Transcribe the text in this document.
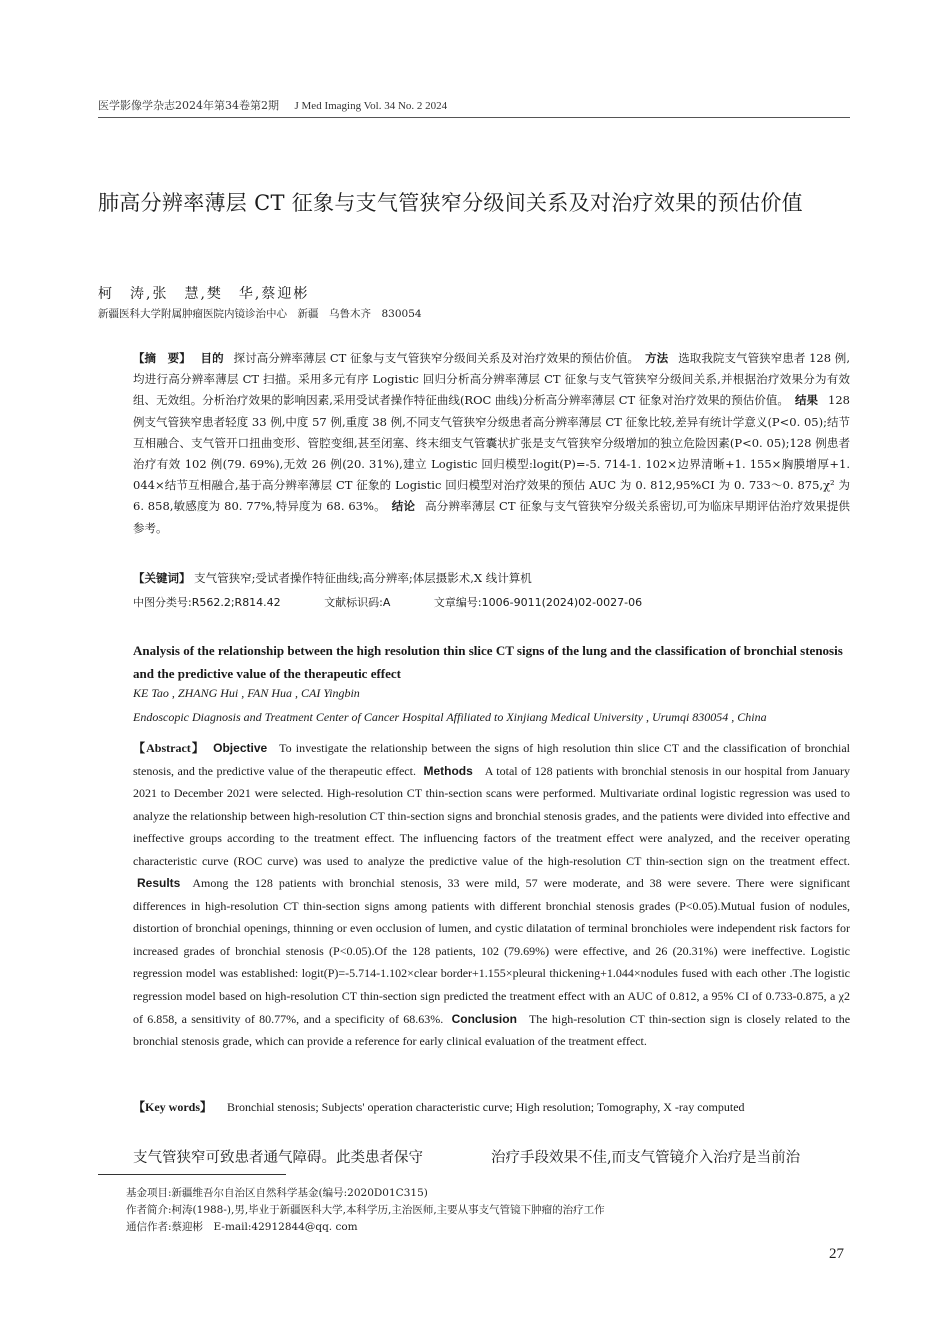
医学影像学杂志2024年第34卷第2期 J Med Imaging Vol. 34 No. 2 2024
肺高分辨率薄层 CT 征象与支气管狭窄分级间关系及对治疗效果的预估价值
柯　涛,张　慧,樊　华,蔡迎彬
新疆医科大学附属肿瘤医院内镜诊治中心　新疆　乌鲁木齐　830054
【摘　要】 目的 探讨高分辨率薄层 CT 征象与支气管狭窄分级间关系及对治疗效果的预估价值。 方法 选取我院支气管狭窄患者 128 例,均进行高分辨率薄层 CT 扫描。采用多元有序 Logistic 回归分析高分辨率薄层 CT 征象与支气管狭窄分级间关系,并根据治疗效果分为有效组、无效组。分析治疗效果的影响因素,采用受试者操作特征曲线(ROC 曲线)分析高分辨率薄层 CT 征象对治疗效果的预估价值。 结果 128 例支气管狭窄患者轻度 33 例,中度 57 例,重度 38 例,不同支气管狭窄分级患者高分辨率薄层 CT 征象比较,差异有统计学意义(P<0. 05);结节互相融合、支气管开口扭曲变形、管腔变细,甚至闭塞、终末细支气管囊状扩张是支气管狭窄分级增加的独立危险因素(P<0. 05);128 例患者治疗有效 102 例(79. 69%),无效 26 例(20. 31%),建立 Logistic 回归模型:logit(P)=-5. 714-1. 102×边界清晰+1. 155×胸膜增厚+1. 044×结节互相融合,基于高分辨率薄层 CT 征象的 Logistic 回归模型对治疗效果的预估 AUC 为 0. 812,95%CI 为 0. 733～0. 875,χ² 为 6. 858,敏感度为 80. 77%,特异度为 68. 63%。 结论 高分辨率薄层 CT 征象与支气管狭窄分级关系密切,可为临床早期评估治疗效果提供参考。
【关键词】 支气管狭窄;受试者操作特征曲线;高分辨率;体层摄影术,X 线计算机
中图分类号:R562.2;R814.42	文献标识码:A	文章编号:1006-9011(2024)02-0027-06
Analysis of the relationship between the high resolution thin slice CT signs of the lung and the classification of bronchial stenosis and the predictive value of the therapeutic effect
KE Tao , ZHANG Hui , FAN Hua , CAI Yingbin
Endoscopic Diagnosis and Treatment Center of Cancer Hospital Affiliated to Xinjiang Medical University , Urumqi 830054 , China
【Abstract】 Objective To investigate the relationship between the signs of high resolution thin slice CT and the classification of bronchial stenosis, and the predictive value of the therapeutic effect. Methods A total of 128 patients with bronchial stenosis in our hospital from January 2021 to December 2021 were selected. High-resolution CT thin-section scans were performed. Multivariate ordinal logistic regression was used to analyze the relationship between high-resolution CT thin-section signs and bronchial stenosis grades, and the patients were divided into effective and ineffective groups according to the treatment effect. The influencing factors of the treatment effect were analyzed, and the receiver operating characteristic curve (ROC curve) was used to analyze the predictive value of the high-resolution CT thin-section sign on the treatment effect. Results Among the 128 patients with bronchial stenosis, 33 were mild, 57 were moderate, and 38 were severe. There were significant differences in high-resolution CT thin-section signs among patients with different bronchial stenosis grades (P<0.05).Mutual fusion of nodules, distortion of bronchial openings, thinning or even occlusion of lumen, and cystic dilatation of terminal bronchioles were independent risk factors for increased grades of bronchial stenosis (P<0.05).Of the 128 patients, 102 (79.69%) were effective, and 26 (20.31%) were ineffective. Logistic regression model was established: logit(P)=-5.714-1.102×clear border+1.155×pleural thickening+1.044×nodules fused with each other .The logistic regression model based on high-resolution CT thin-section sign predicted the treatment effect with an AUC of 0.812, a 95% CI of 0.733-0.875, a χ2 of 6.858, a sensitivity of 80.77%, and a specificity of 68.63%. Conclusion The high-resolution CT thin-section sign is closely related to the bronchial stenosis grade, which can provide a reference for early clinical evaluation of the treatment effect.
【Key words】 Bronchial stenosis; Subjects' operation characteristic curve; High resolution; Tomography, X -ray computed
支气管狭窄可致患者通气障碍。此类患者保守	治疗手段效果不佳,而支气管镜介入治疗是当前治
基金项目:新疆维吾尔自治区自然科学基金(编号:2020D01C315)
作者简介:柯涛(1988-),男,毕业于新疆医科大学,本科学历,主治医师,主要从事支气管镜下肿瘤的治疗工作
通信作者:蔡迎彬　E-mail:42912844@qq. com
27
